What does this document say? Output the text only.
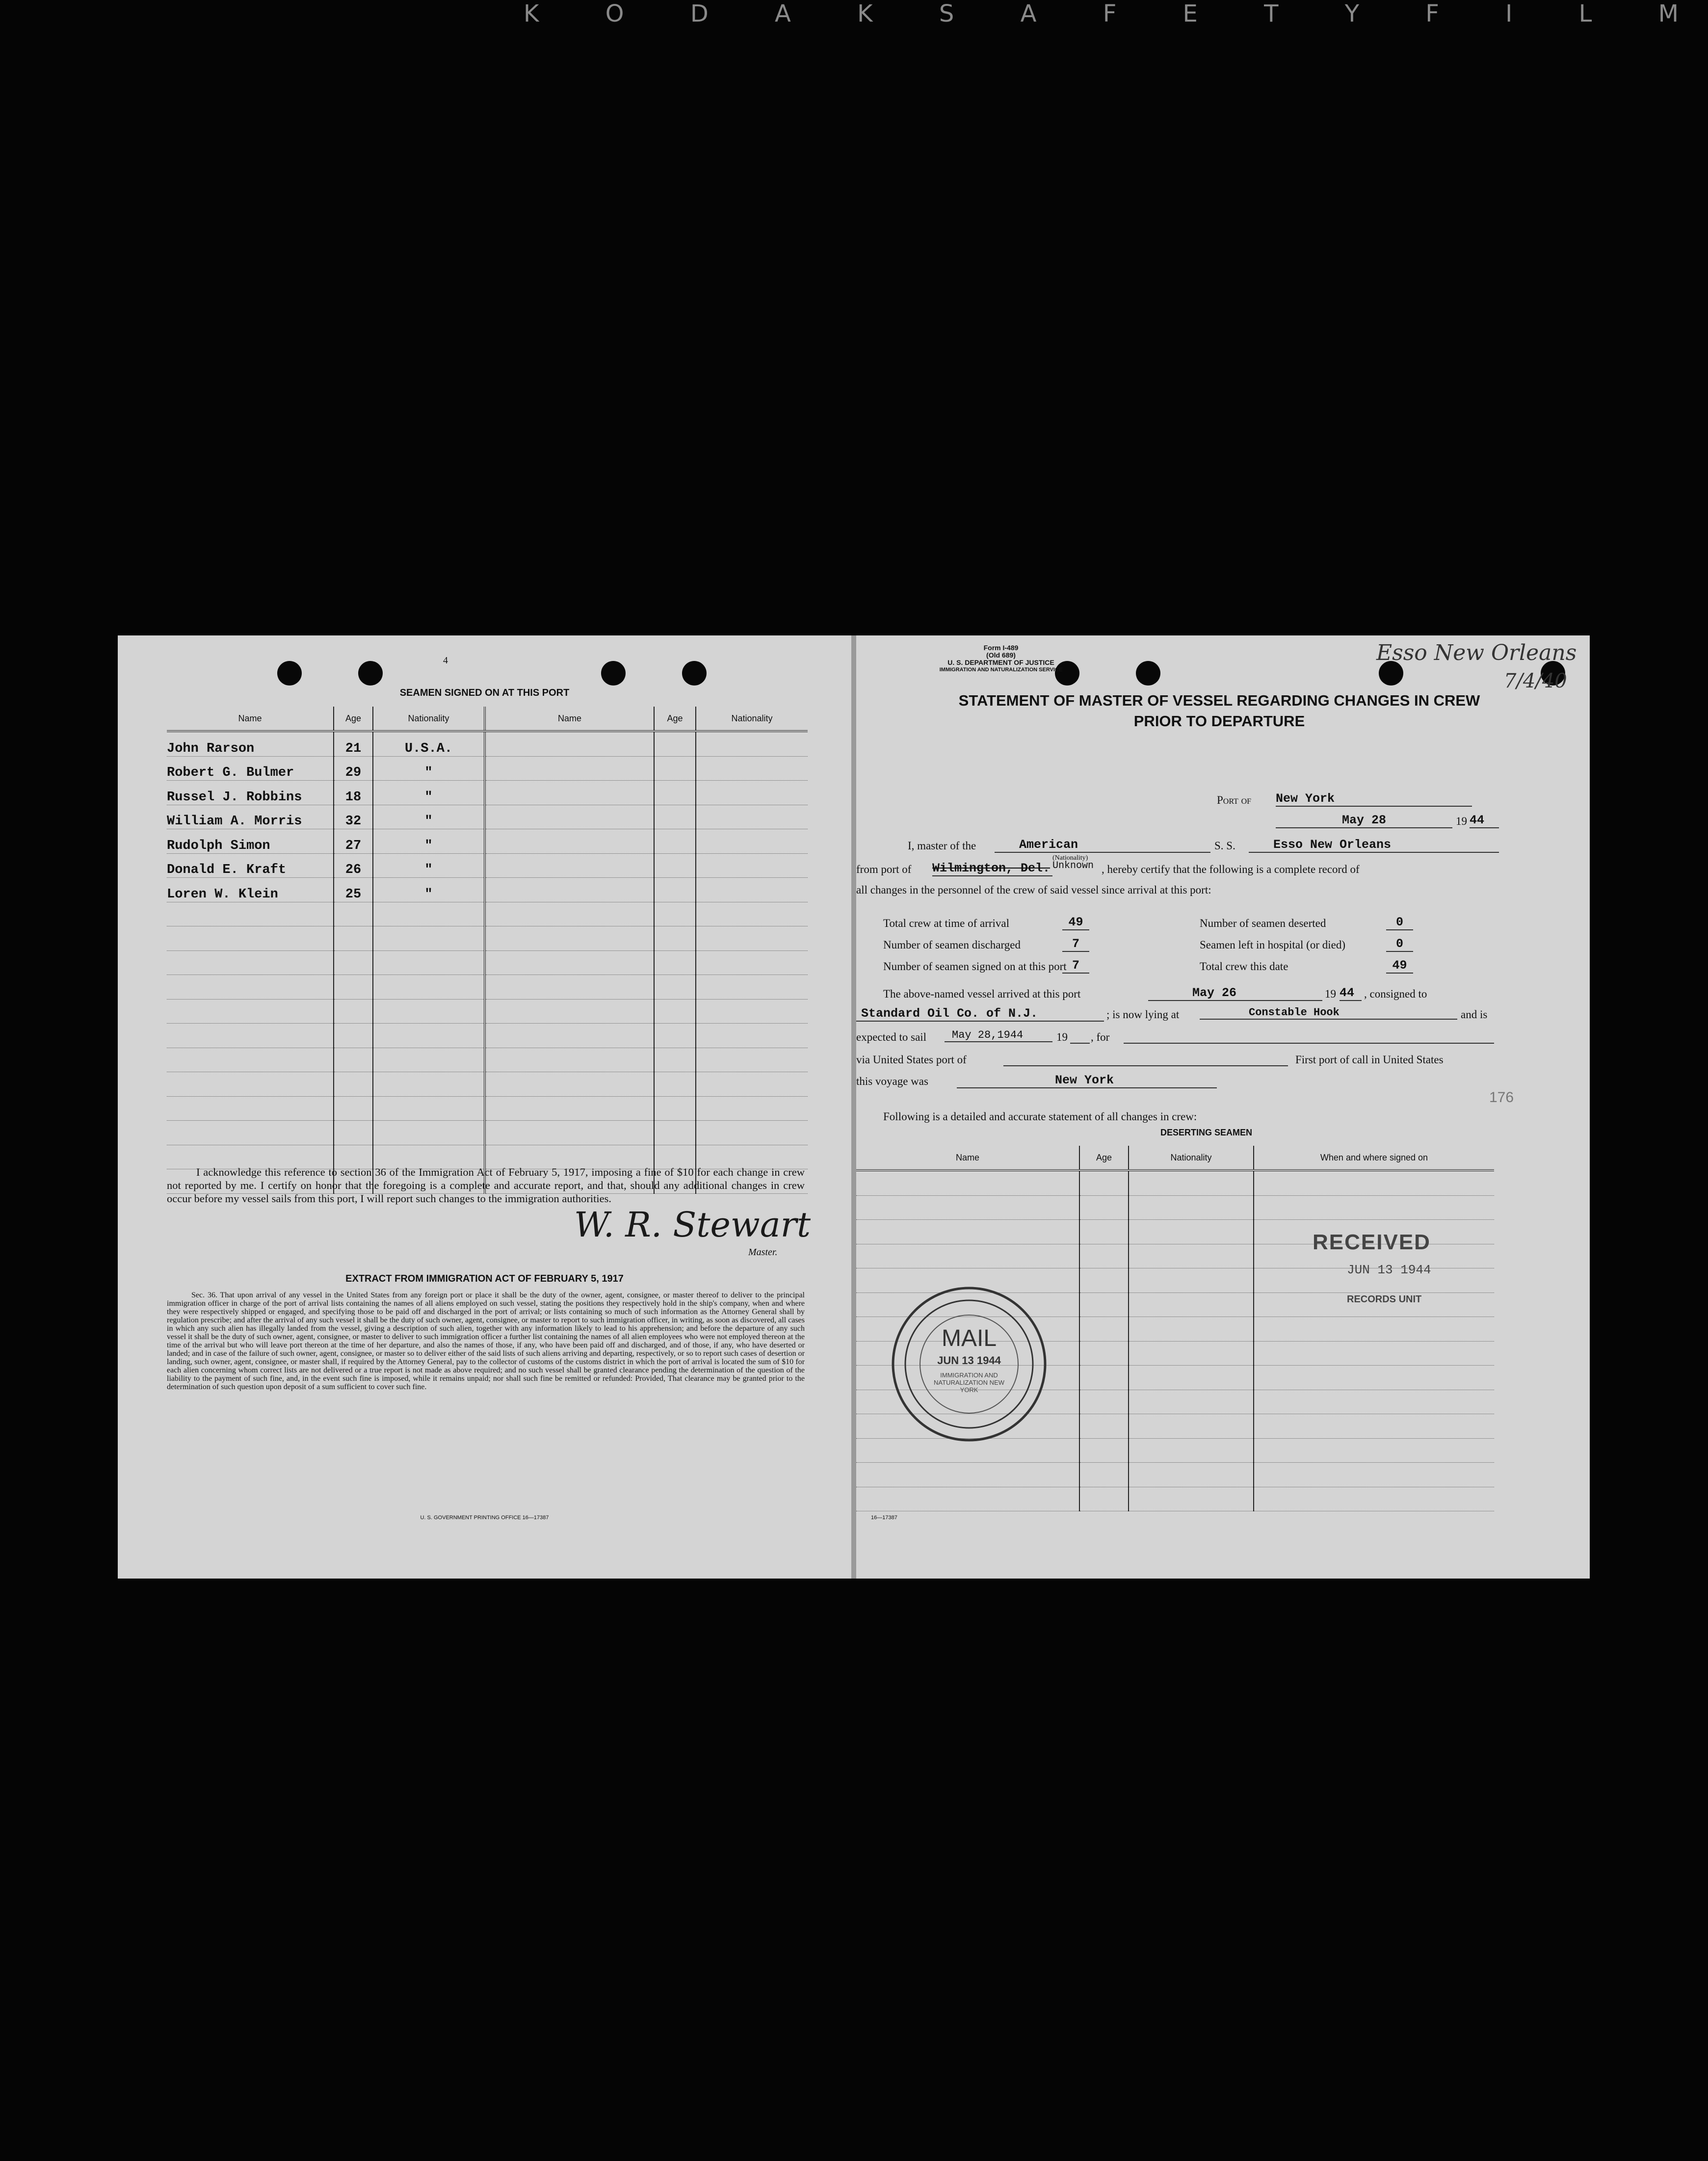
K O D A K S A F E T Y F I L M
4
SEAMEN SIGNED ON AT THIS PORT
Name	Age	Nationality	Name	Age	Nationality
John Rarson	21	U.S.A.			
Robert G. Bulmer	29	"			
Russel J. Robbins	18	"			
William A. Morris	32	"			
Rudolph Simon	27	"			
Donald E. Kraft	26	"			
Loren W. Klein	25	"			

I acknowledge this reference to section 36 of the Immigration Act of February 5, 1917, imposing a fine of $10 for each change in crew not reported by me. I certify on honor that the foregoing is a complete and accurate report, and that, should any additional changes in crew occur before my vessel sails from this port, I will report such changes to the immigration authorities.
W. R. Stewart
Master.
EXTRACT FROM IMMIGRATION ACT OF FEBRUARY 5, 1917
Sec. 36. That upon arrival of any vessel in the United States from any foreign port or place it shall be the duty of the owner, agent, consignee, or master thereof to deliver to the principal immigration officer in charge of the port of arrival lists containing the names of all aliens employed on such vessel, stating the positions they respectively hold in the ship's company, when and where they were respectively shipped or engaged, and specifying those to be paid off and discharged in the port of arrival; or lists containing so much of such information as the Attorney General shall by regulation prescribe; and after the arrival of any such vessel it shall be the duty of such owner, agent, consignee, or master to report to such immigration officer, in writing, as soon as discovered, all cases in which any such alien has illegally landed from the vessel, giving a description of such alien, together with any information likely to lead to his apprehension; and before the departure of any such vessel it shall be the duty of such owner, agent, consignee, or master to deliver to such immigration officer a further list containing the names of all alien employees who were not employed thereon at the time of the arrival but who will leave port thereon at the time of her departure, and also the names of those, if any, who have been paid off and discharged, and of those, if any, who have deserted or landed; and in case of the failure of such owner, agent, consignee, or master so to deliver either of the said lists of such aliens arriving and departing, respectively, or so to report such cases of desertion or landing, such owner, agent, consignee, or master shall, if required by the Attorney General, pay to the collector of customs of the customs district in which the port of arrival is located the sum of $10 for each alien concerning whom correct lists are not delivered or a true report is not made as above required; and no such vessel shall be granted clearance pending the determination of the question of the liability to the payment of such fine, and, in the event such fine is imposed, while it remains unpaid; nor shall such fine be remitted or refunded: Provided, That clearance may be granted prior to the determination of such question upon deposit of a sum sufficient to cover such fine.
U. S. GOVERNMENT PRINTING OFFICE 16—17387
Form I-489
(Old 689)
U. S. DEPARTMENT OF JUSTICE
IMMIGRATION AND NATURALIZATION SERVICE
Esso New Orleans
7/4/40
STATEMENT OF MASTER OF VESSEL REGARDING CHANGES IN CREW
PRIOR TO DEPARTURE
Port of New York
May 28	19 44
I, master of the	American
(Nationality)
S. S.	Esso New Orleans
from port of Wilmington, Del. Unknown , hereby certify that the following is a complete record of
all changes in the personnel of the crew of said vessel since arrival at this port:
Total crew at time of arrival	49	Number of seamen deserted	0
Number of seamen discharged	7	Seamen left in hospital (or died)	0
Number of seamen signed on at this port 7	Total crew this date	49
The above-named vessel arrived at this port	May 26	19 44 , consigned to
Standard Oil Co. of N.J.	; is now lying at	Constable Hook	and is
expected to sail	May 28,1944	19 , for
via United States port of	First port of call in United States
this voyage was	New York
176
Following is a detailed and accurate statement of all changes in crew:
DESERTING SEAMEN
Name	Age	Nationality	When and where signed on

RECEIVED
JUN 13 1944
RECORDS UNIT
MAIL
JUN 13 1944
IMMIGRATION AND NATURALIZATION NEW YORK
16—17387
